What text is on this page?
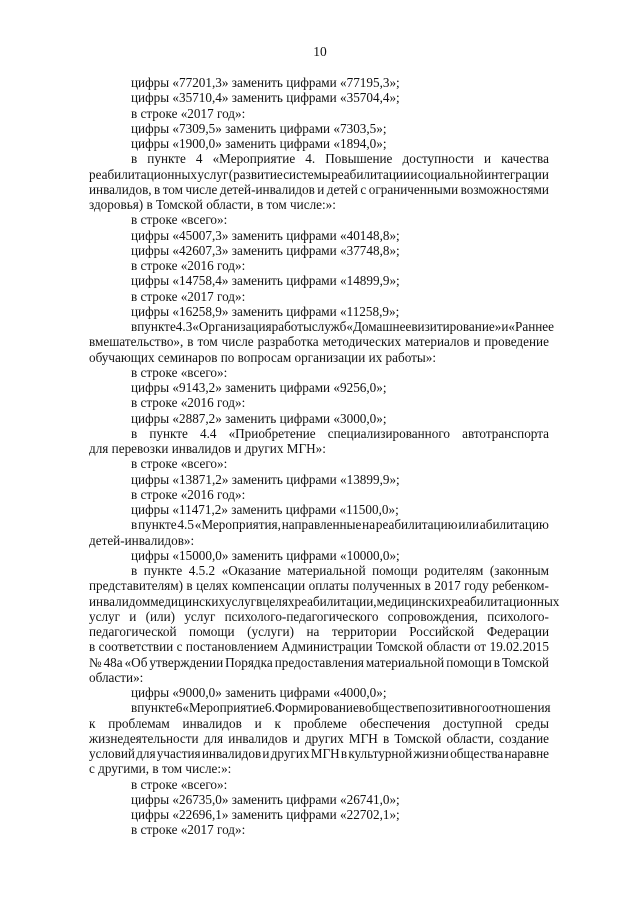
10
цифры «77201,3» заменить цифрами «77195,3»;
цифры «35710,4» заменить цифрами «35704,4»;
в строке «2017 год»:
цифры «7309,5» заменить цифрами «7303,5»;
цифры «1900,0» заменить цифрами «1894,0»;
в пункте 4 «Мероприятие 4. Повышение доступности и качества
реабилитационных услуг (развитие системы реабилитации и социальной интеграции
инвалидов, в том числе детей-инвалидов и детей с ограниченными возможностями
здоровья) в Томской области, в том числе:»:
в строке «всего»:
цифры «45007,3» заменить цифрами «40148,8»;
цифры «42607,3» заменить цифрами «37748,8»;
в строке «2016 год»:
цифры «14758,4» заменить цифрами «14899,9»;
в строке «2017 год»:
цифры «16258,9» заменить цифрами «11258,9»;
в пункте 4.3 «Организация работы служб «Домашнее визитирование» и «Раннее
вмешательство», в том числе разработка методических материалов и проведение
обучающих семинаров по вопросам организации их работы»:
в строке «всего»:
цифры «9143,2» заменить цифрами «9256,0»;
в строке «2016 год»:
цифры «2887,2» заменить цифрами «3000,0»;
в пункте 4.4 «Приобретение специализированного автотранспорта
для перевозки инвалидов и других МГН»:
в строке «всего»:
цифры «13871,2» заменить цифрами «13899,9»;
в строке «2016 год»:
цифры «11471,2» заменить цифрами «11500,0»;
в пункте 4.5 «Мероприятия, направленные на реабилитацию или абилитацию
детей-инвалидов»:
цифры «15000,0» заменить цифрами «10000,0»;
в пункте 4.5.2 «Оказание материальной помощи родителям (законным
представителям) в целях компенсации оплаты полученных в 2017 году ребенком-
инвалидом медицинских услуг в целях реабилитации, медицинских реабилитационных
услуг и (или) услуг психолого-педагогического сопровождения, психолого-
педагогической помощи (услуги) на территории Российской Федерации
в соответствии с постановлением Администрации Томской области от 19.02.2015
№ 48а «Об утверждении Порядка предоставления материальной помощи в Томской
области»:
цифры «9000,0» заменить цифрами «4000,0»;
в пункте 6 «Мероприятие 6. Формирование в обществе позитивного отношения
к проблемам инвалидов и к проблеме обеспечения доступной среды
жизнедеятельности для инвалидов и других МГН в Томской области, создание
условий для участия инвалидов и других МГН в культурной жизни общества наравне
с другими, в том числе:»:
в строке «всего»:
цифры «26735,0» заменить цифрами «26741,0»;
цифры «22696,1» заменить цифрами «22702,1»;
в строке «2017 год»:
